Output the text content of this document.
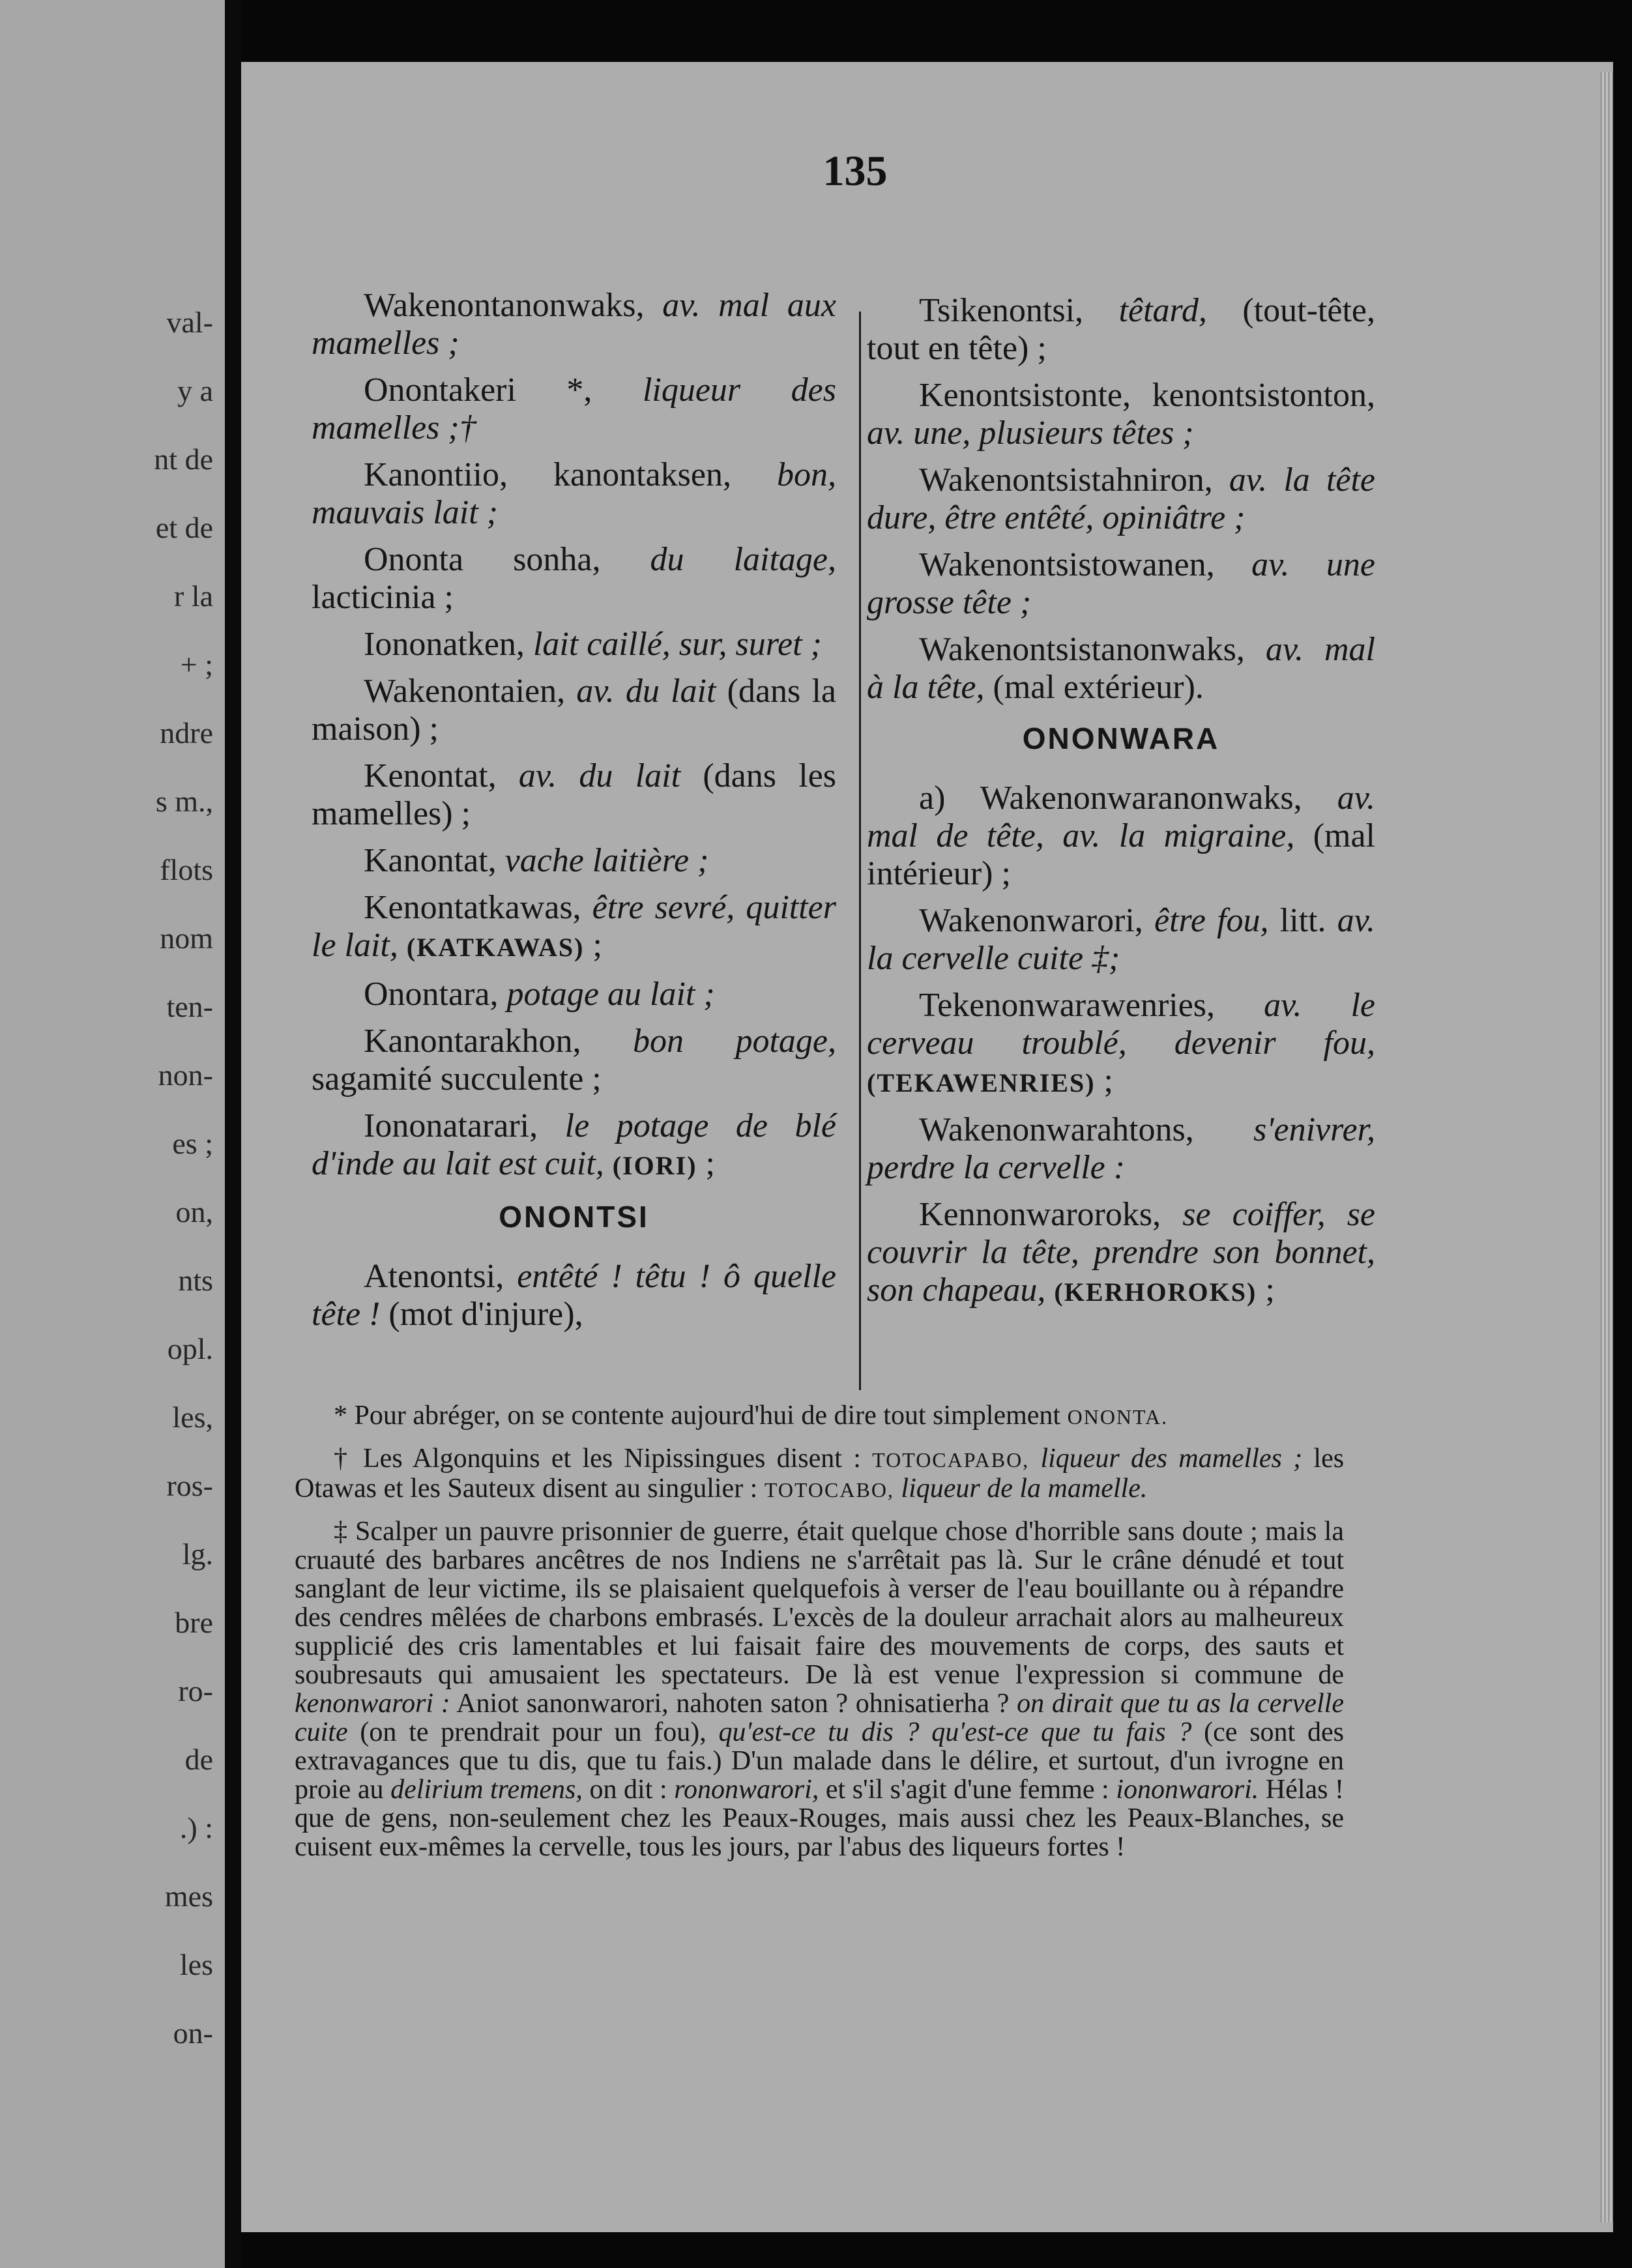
val-
y a
nt de
et de
r la
+ ;
ndre
s m.,
flots
nom
ten-
non-
es ;
on,
nts
opl.
les,
ros-
lg.
bre
ro-
de
.) :
mes
les
on-
135

Wakenontanonwaks, av. mal aux mamelles ;

Onontakeri *, liqueur des mamelles ;†

Kanontiio, kanontaksen, bon, mauvais lait ;

Ononta sonha, du laitage, lacticinia ;

Iononatken, lait caillé, sur, suret ;

Wakenontaien, av. du lait (dans la maison) ;

Kenontat, av. du lait (dans les mamelles) ;

Kanontat, vache laitière ;

Kenontatkawas, être sevré, quitter le lait, (KATKAWAS) ;

Onontara, potage au lait ;

Kanontarakhon, bon potage, sagamité succulente ;

Iononatarari, le potage de blé d'inde au lait est cuit, (IORI) ;

ONONTSI

Atenontsi, entêté ! têtu ! ô quelle tête ! (mot d'injure),

Tsikenontsi, têtard, (tout-tête, tout en tête) ;

Kenontsistonte, kenontsistonton, av. une, plusieurs têtes ;

Wakenontsistahniron, av. la tête dure, être entêté, opiniâtre ;

Wakenontsistowanen, av. une grosse tête ;

Wakenontsistanonwaks, av. mal à la tête, (mal extérieur).

ONONWARA

a) Wakenonwaranonwaks, av. mal de tête, av. la migraine, (mal intérieur) ;

Wakenonwarori, être fou, litt. av. la cervelle cuite ‡;

Tekenonwarawenries, av. le cerveau troublé, devenir fou, (TEKAWENRIES) ;

Wakenonwarahtons, s'enivrer, perdre la cervelle :

Kennonwaroroks, se coiffer, se couvrir la tête, prendre son bonnet, son chapeau, (KERHOROKS) ;

* Pour abréger, on se contente aujourd'hui de dire tout simplement ONONTA.

† Les Algonquins et les Nipissingues disent : TOTOCAPABO, liqueur des mamelles ; les Otawas et les Sauteux disent au singulier : TOTOCABO, liqueur de la mamelle.

‡ Scalper un pauvre prisonnier de guerre, était quelque chose d'horrible sans doute ; mais la cruauté des barbares ancêtres de nos Indiens ne s'arrêtait pas là. Sur le crâne dénudé et tout sanglant de leur victime, ils se plaisaient quelquefois à verser de l'eau bouillante ou à répandre des cendres mêlées de charbons embrasés. L'excès de la douleur arrachait alors au malheureux supplicié des cris lamentables et lui faisait faire des mouvements de corps, des sauts et soubresauts qui amusaient les spectateurs. De là est venue l'expression si commune de kenonwarori : Aniot sanonwarori, nahoten saton ? ohnisatierha ? on dirait que tu as la cervelle cuite (on te prendrait pour un fou), qu'est-ce tu dis ? qu'est-ce que tu fais ? (ce sont des extravagances que tu dis, que tu fais.) D'un malade dans le délire, et surtout, d'un ivrogne en proie au delirium tremens, on dit : rononwarori, et s'il s'agit d'une femme : iononwarori. Hélas ! que de gens, non-seulement chez les Peaux-Rouges, mais aussi chez les Peaux-Blanches, se cuisent eux-mêmes la cervelle, tous les jours, par l'abus des liqueurs fortes !
